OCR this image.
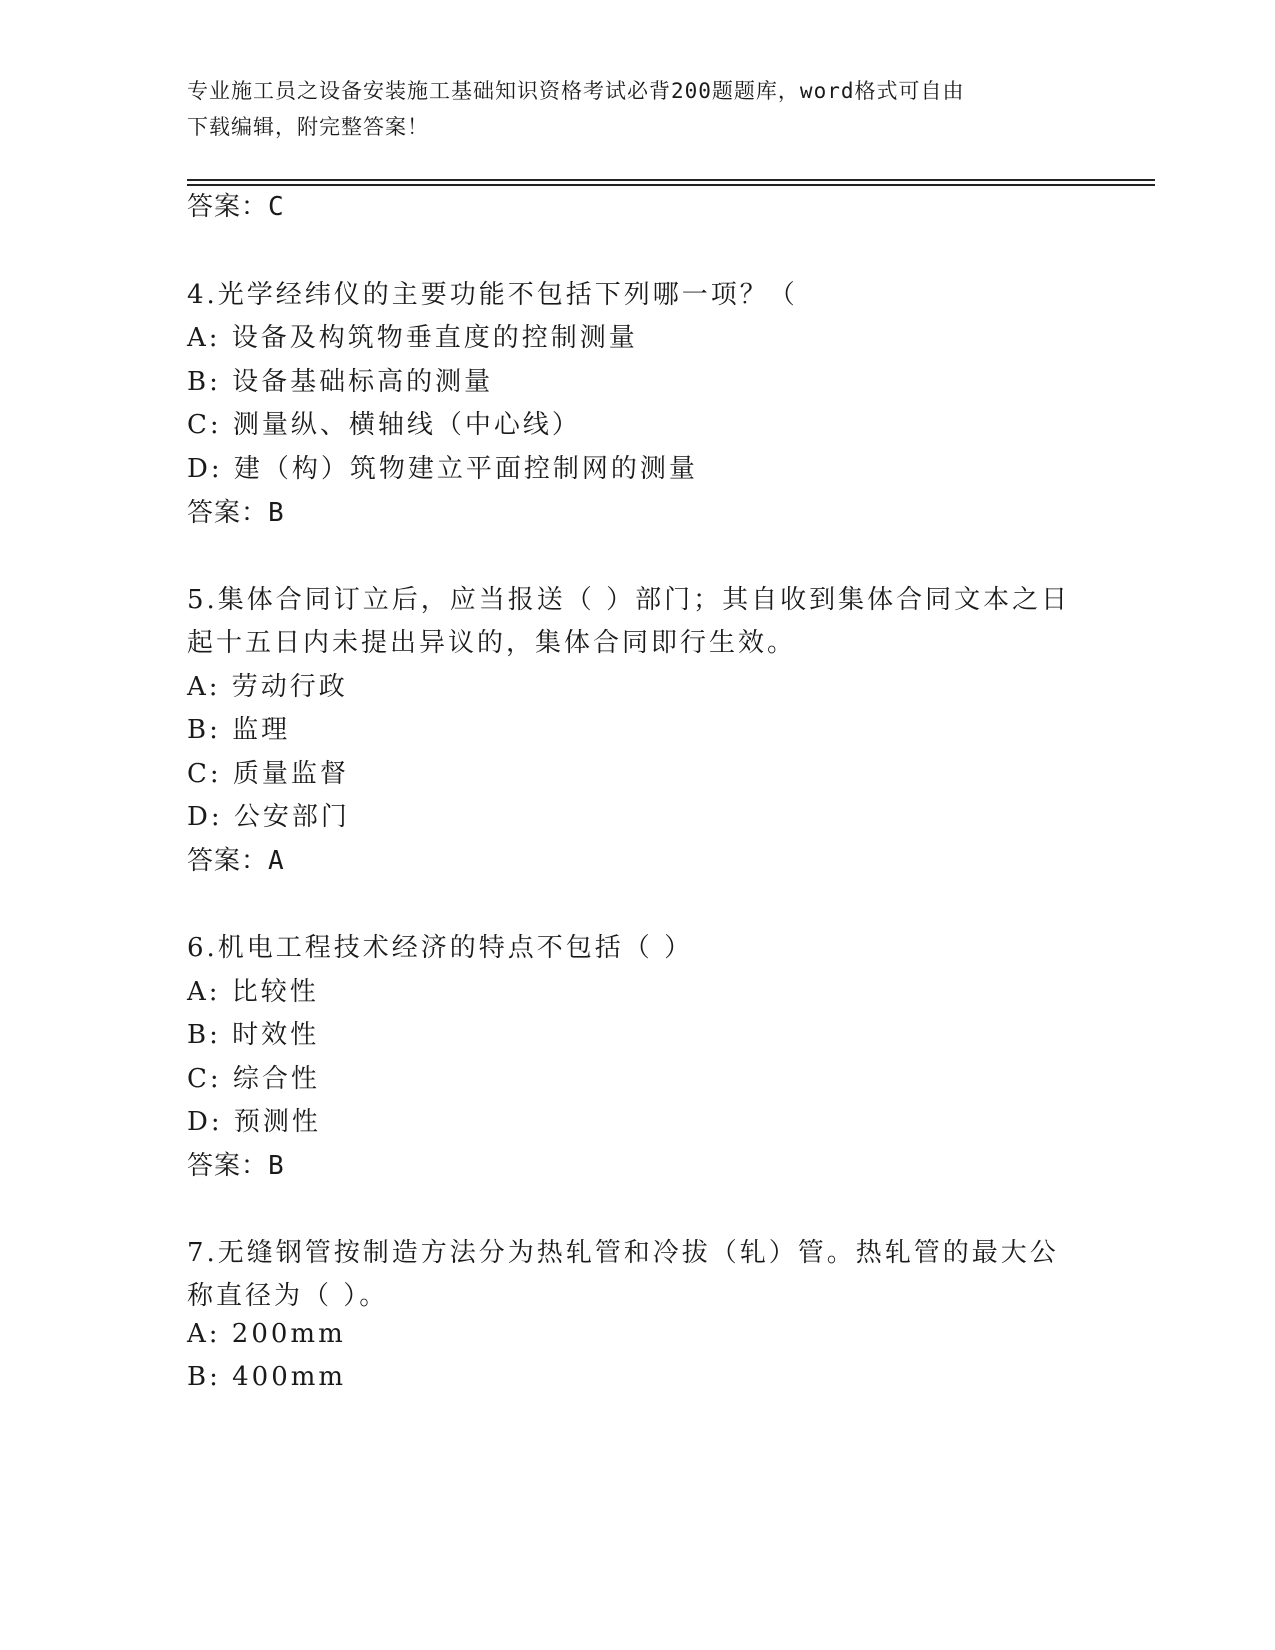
专业施工员之设备安装施工基础知识资格考试必背200题题库，word格式可自由
下载编辑，附完整答案！
答案：C
4.光学经纬仪的主要功能不包括下列哪一项？（
A: 设备及构筑物垂直度的控制测量
B: 设备基础标高的测量
C: 测量纵、横轴线（中心线）
D: 建（构）筑物建立平面控制网的测量
答案：B
5.集体合同订立后，应当报送（ ）部门；其自收到集体合同文本之日
起十五日内未提出异议的，集体合同即行生效。
A: 劳动行政
B: 监理
C: 质量监督
D: 公安部门
答案：A
6.机电工程技术经济的特点不包括（ ）
A: 比较性
B: 时效性
C: 综合性
D: 预测性
答案：B
7.无缝钢管按制造方法分为热轧管和冷拔（轧）管。热轧管的最大公
称直径为（ ）。
A: 200mm
B: 400mm
